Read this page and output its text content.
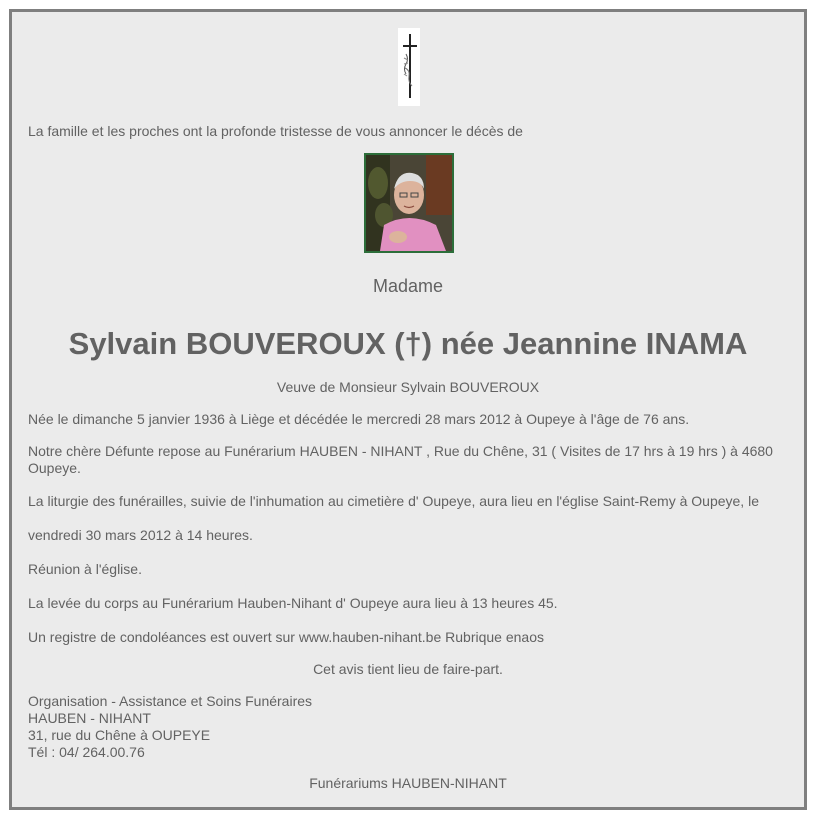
La famille et les proches ont la profonde tristesse de vous annoncer le décès de
Madame
Sylvain BOUVEROUX (†) née Jeannine INAMA
Veuve de Monsieur Sylvain BOUVEROUX
Née le dimanche 5 janvier 1936 à Liège et décédée le mercredi 28 mars 2012 à Oupeye à l'âge de 76 ans.
Notre chère Défunte repose au Funérarium HAUBEN - NIHANT , Rue du Chêne, 31 ( Visites de 17 hrs à 19 hrs ) à 4680 Oupeye.
La liturgie des funérailles, suivie de l'inhumation au cimetière d' Oupeye, aura lieu en l'église Saint-Remy à Oupeye, le
vendredi 30 mars 2012 à 14 heures.
Réunion à l'église.
La levée du corps au Funérarium Hauben-Nihant d' Oupeye aura lieu à 13 heures 45.
Un registre de condoléances est ouvert sur www.hauben-nihant.be Rubrique enaos
Cet avis tient lieu de faire-part.
Organisation - Assistance et Soins Funéraires
HAUBEN - NIHANT
31, rue du Chêne à OUPEYE
Tél : 04/ 264.00.76
Funérariums HAUBEN-NIHANT
